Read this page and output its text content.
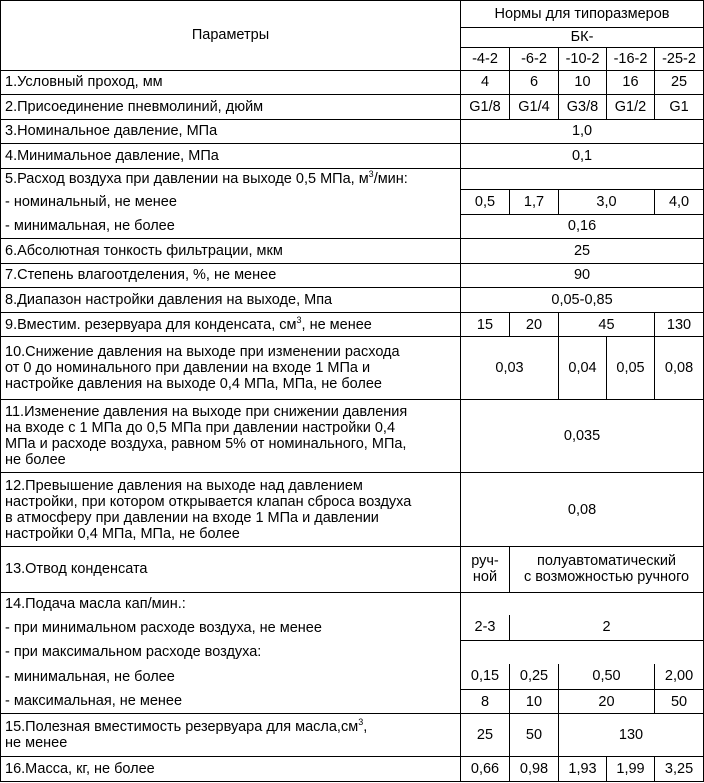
Параметры	Нормы для типоразмеров				
	БК-				
	-4-2	-6-2	-10-2	-16-2	-25-2
1.Условный проход, мм	4	6	10	16	25
2.Присоединение пневмолиний, дюйм	G1/8	G1/4	G3/8	G1/2	G1
3.Номинальное давление, МПа	1,0				
4.Минимальное давление, МПа	0,1				
5.Расход воздуха при давлении на выходе 0,5 МПа, $м^3$/мин:					
- номинальный, не менее	0,5	1,7	3,0		4,0
- минимальная, не более	0,16				
6.Абсолютная тонкость фильтрации, мкм	25				
7.Степень влагоотделения, %, не менее	90				
8.Диапазон настройки давления на выходе, Мпа	0,05-0,85				
9.Вместим. резервуара для конденсата, $см^3$, не менее	15	20	45		130

10.Снижение давления на выходе при изменении расхода
от 0 до номинального при давлении на входе 1 МПа и
настройке давления на выходе 0,4 МПа, МПа, не более	0,03		0,04	0,05	0,08

11.Изменение давления на выходе при снижении давления
на входе с 1 МПа до 0,5 МПа при давлении настройки 0,4
МПа и расходе воздуха, равном 5% от номинального, МПа,
не более	0,035				

12.Превышение давления на выходе над давлением
настройки, при котором открывается клапан сброса воздуха
в атмосферу при давлении на входе 1 МПа и давлении
настройки 0,4 МПа, МПа, не более	0,08				
13.Отвод конденсата	руч-
ной	полуавтоматический
с возможностью ручного			

14.Подача масла кап/мин.:					
- при минимальном расходе воздуха, не менее	2-3	2			
- при максимальном расходе воздуха:					
- минимальная, не более	0,15	0,25	0,50		2,00
- максимальная, не менее	8	10	20		50

15.Полезная вместимость резервуара для $масла,см^3$,
не менее	25	50	130		
16.Масса, кг, не более	0,66	0,98	1,93	1,99	3,25
